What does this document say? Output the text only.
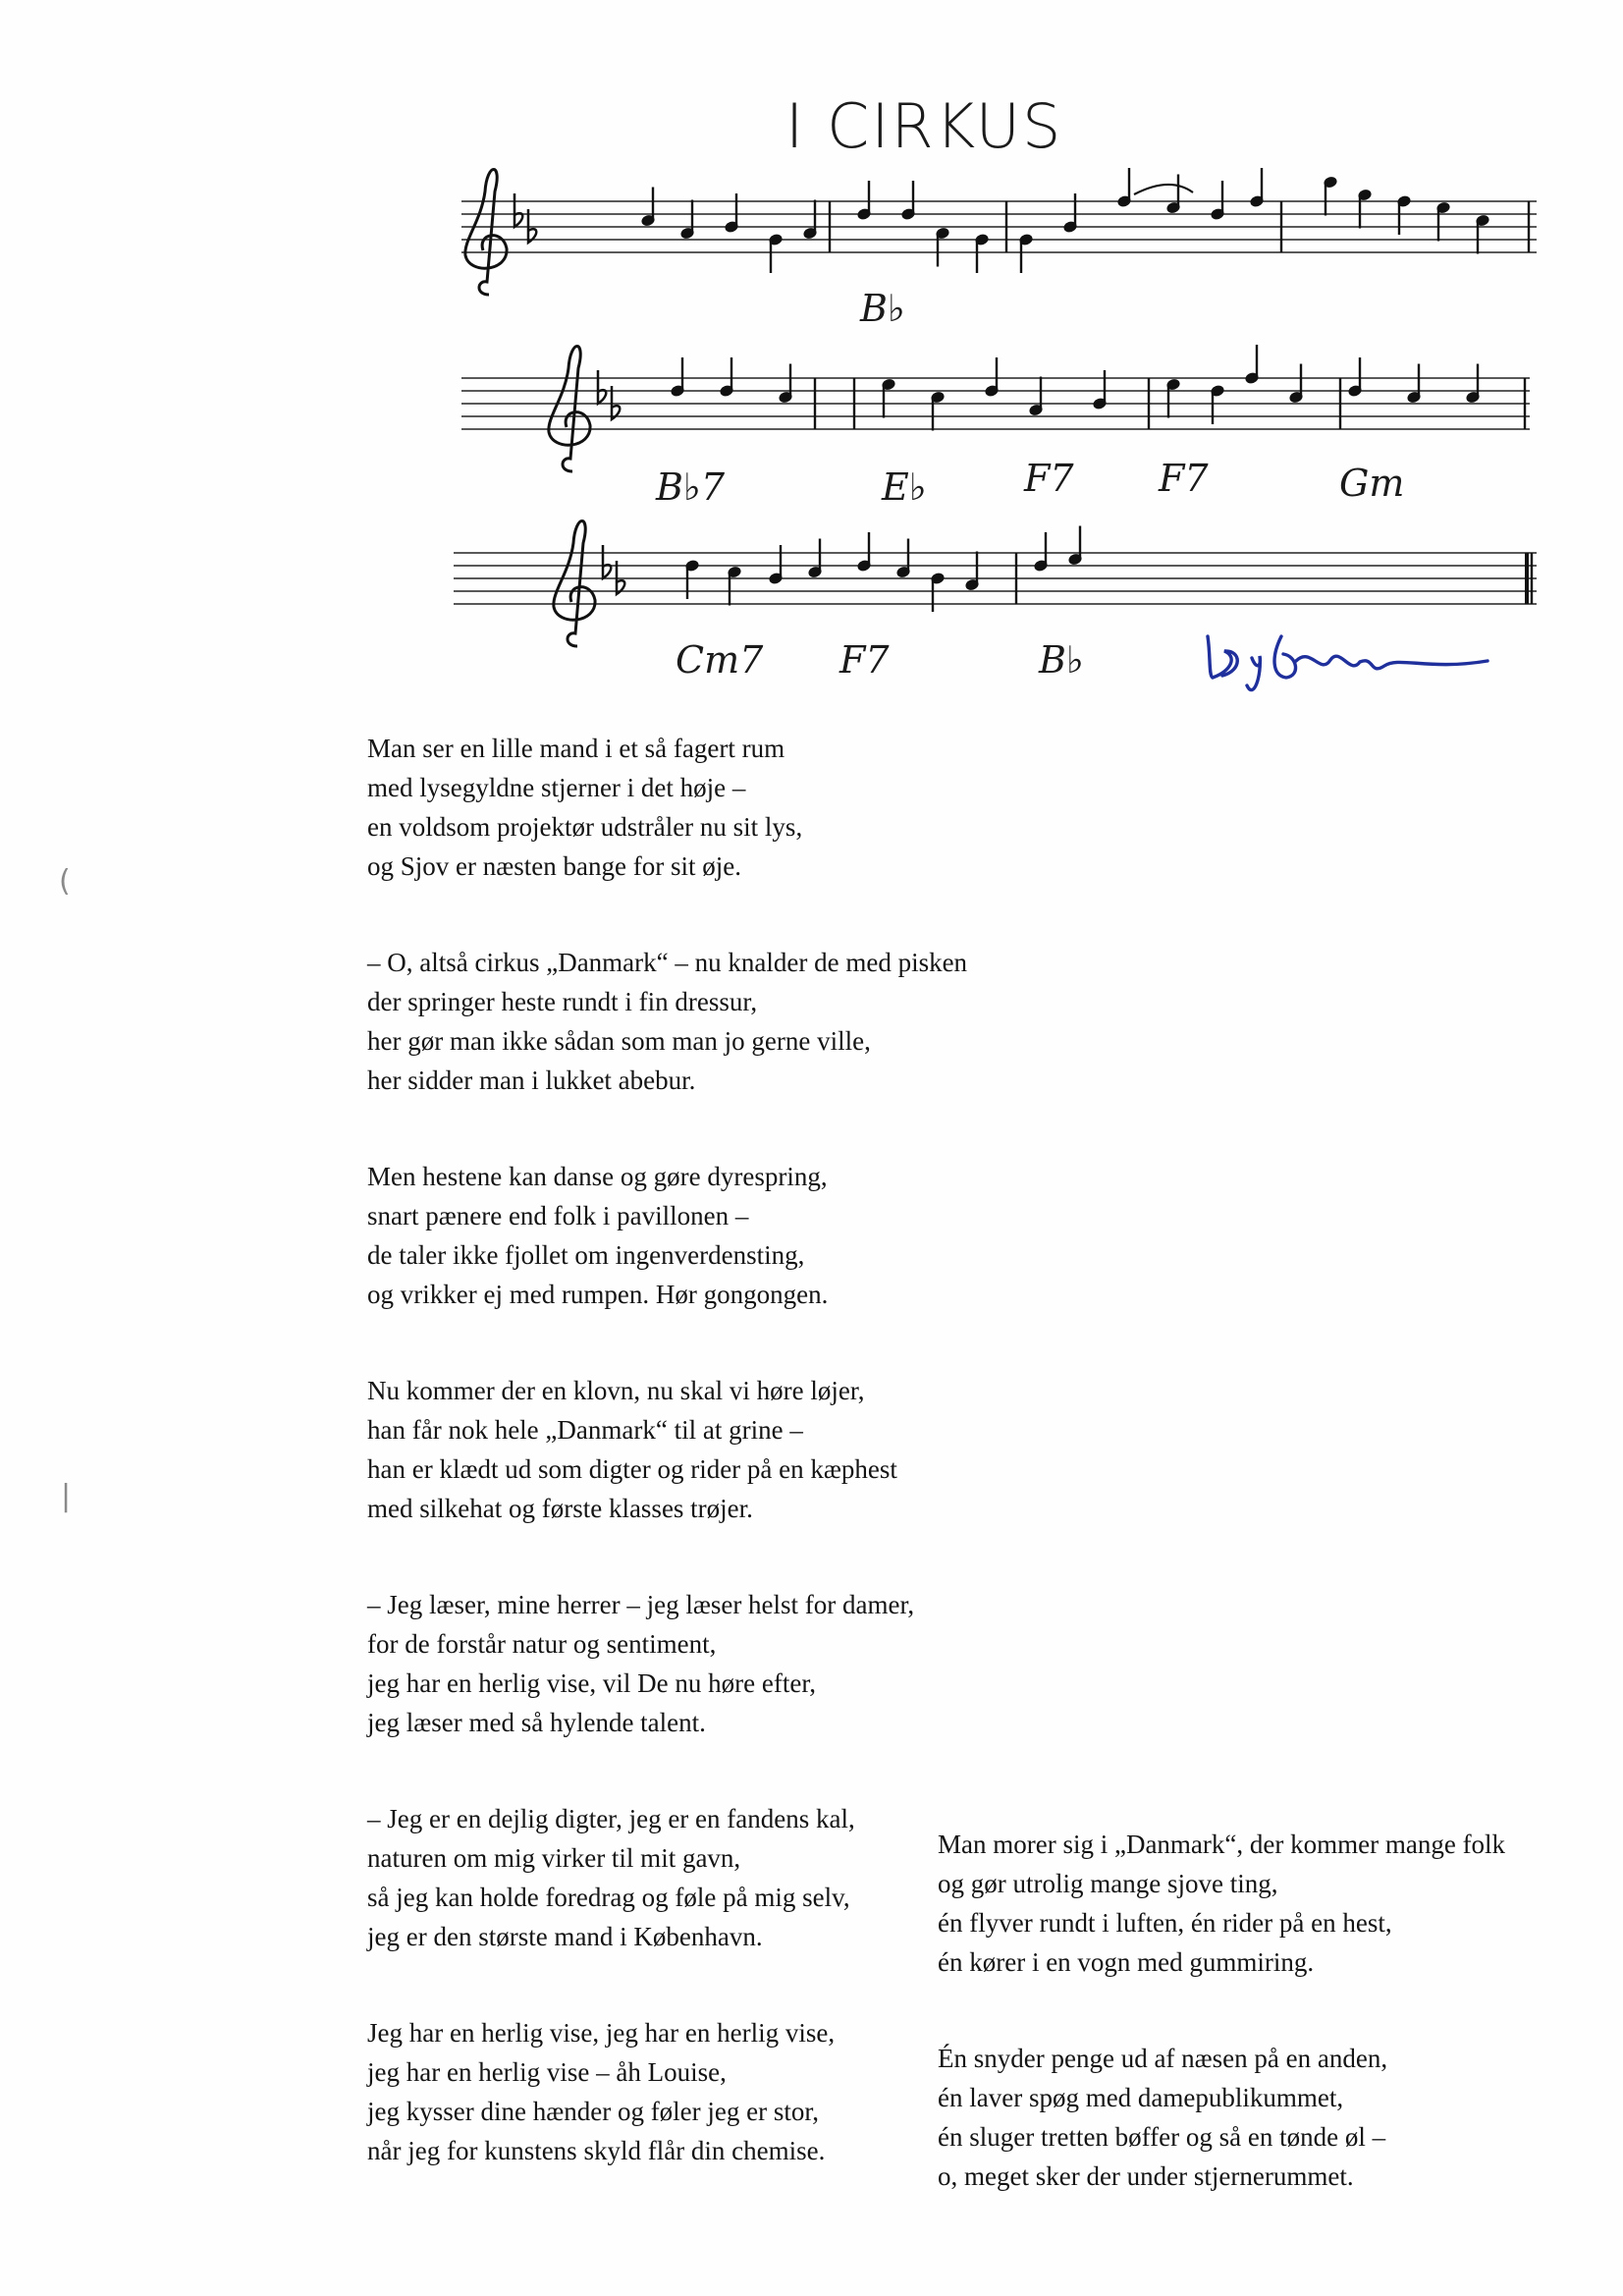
I CIRKUS
B♭
B♭7	E♭	F7 F7	Gm
Cm7 F7	B♭
Man ser en lille mand i et så fagert rum
med lysegyldne stjerner i det høje –
en voldsom projektør udstråler nu sit lys,
og Sjov er næsten bange for sit øje.
– O, altså cirkus „Danmark“ – nu knalder de med pisken
der springer heste rundt i fin dressur,
her gør man ikke sådan som man jo gerne ville,
her sidder man i lukket abebur.
Men hestene kan danse og gøre dyrespring,
snart pænere end folk i pavillonen –
de taler ikke fjollet om ingenverdensting,
og vrikker ej med rumpen. Hør gongongen.
Nu kommer der en klovn, nu skal vi høre løjer,
han får nok hele „Danmark“ til at grine –
han er klædt ud som digter og rider på en kæphest
med silkehat og første klasses trøjer.
– Jeg læser, mine herrer – jeg læser helst for damer,
for de forstår natur og sentiment,
jeg har en herlig vise, vil De nu høre efter,
jeg læser med så hylende talent.
– Jeg er en dejlig digter, jeg er en fandens kal,
naturen om mig virker til mit gavn,
så jeg kan holde foredrag og føle på mig selv,
jeg er den største mand i København.
Jeg har en herlig vise, jeg har en herlig vise,
jeg har en herlig vise – åh Louise,
jeg kysser dine hænder og føler jeg er stor,
når jeg for kunstens skyld flår din chemise.
Man morer sig i „Danmark“, der kommer mange folk
og gør utrolig mange sjove ting,
én flyver rundt i luften, én rider på en hest,
én kører i en vogn med gummiring.
Én snyder penge ud af næsen på en anden,
én laver spøg med damepublikummet,
én sluger tretten bøffer og så en tønde øl –
o, meget sker der under stjernerummet.
(
|
